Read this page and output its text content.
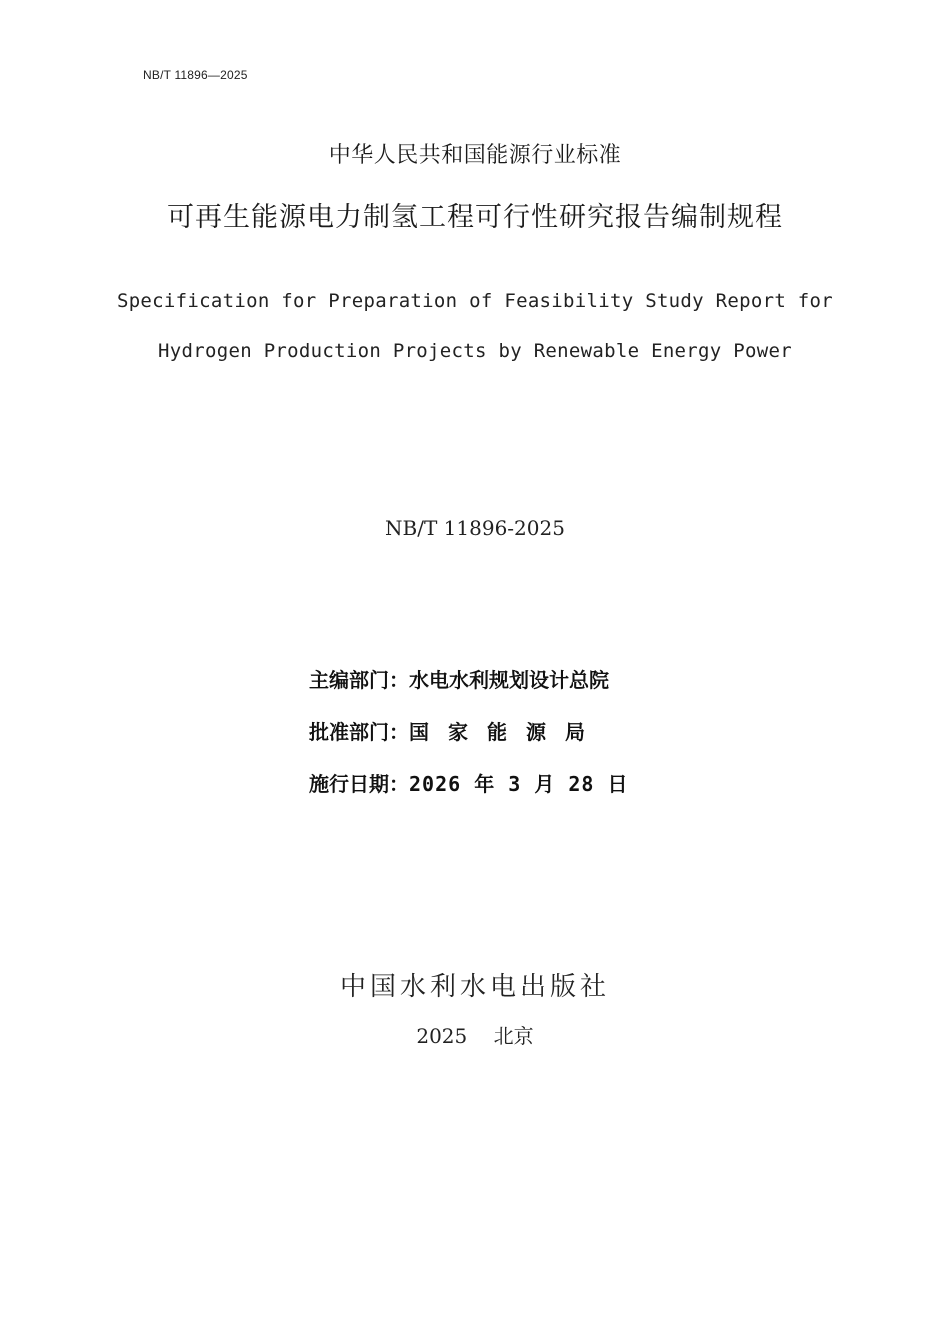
NB/T 11896—2025
中华人民共和国能源行业标准
可再生能源电力制氢工程可行性研究报告编制规程
Specification for Preparation of Feasibility Study Report for
Hydrogen Production Projects by Renewable Energy Power
NB/T 11896-2025
主编部门：水电水利规划设计总院
批准部门：国家能源局
施行日期：2026 年 3 月 28 日
中国水利水电出版社
2025 北京
